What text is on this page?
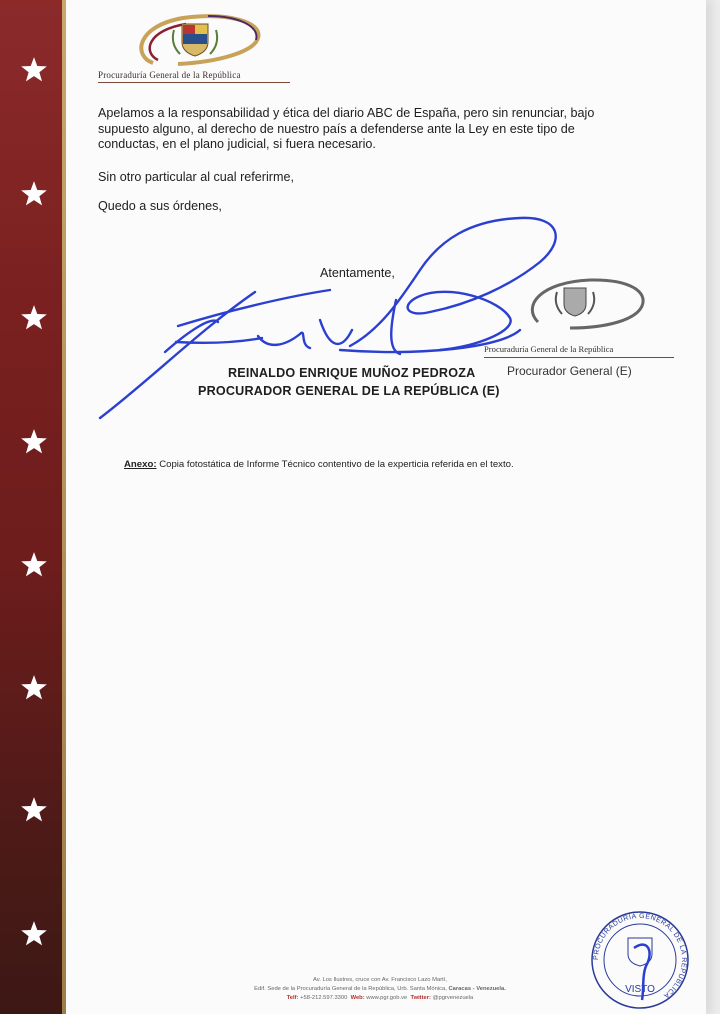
Procuraduría General de la República
Apelamos a la responsabilidad y ética del diario ABC de España, pero sin renunciar, bajo supuesto alguno, al derecho de nuestro país a defenderse ante la Ley en este tipo de conductas, en el plano judicial, si fuera necesario.
Sin otro particular al cual referirme,
Quedo a sus órdenes,
Atentamente,
Procuraduría General de la República
Procurador General (E)
REINALDO ENRIQUE MUÑOZ PEDROZA
PROCURADOR GENERAL DE LA REPÚBLICA (E)
Anexo: Copia fotostática de Informe Técnico contentivo de la experticia referida en el texto.
Av. Los Ilustres, cruce con Av. Francisco Lazo Martí,
Edif. Sede de la Procuraduría General de la República, Urb. Santa Mónica, Caracas - Venezuela.
Telf: +58-212.597.3300 Web: www.pgr.gob.ve Twitter: @pgrvenezuela
PROCURADURÍA GENERAL DE LA REPÚBLICA
VISTO
